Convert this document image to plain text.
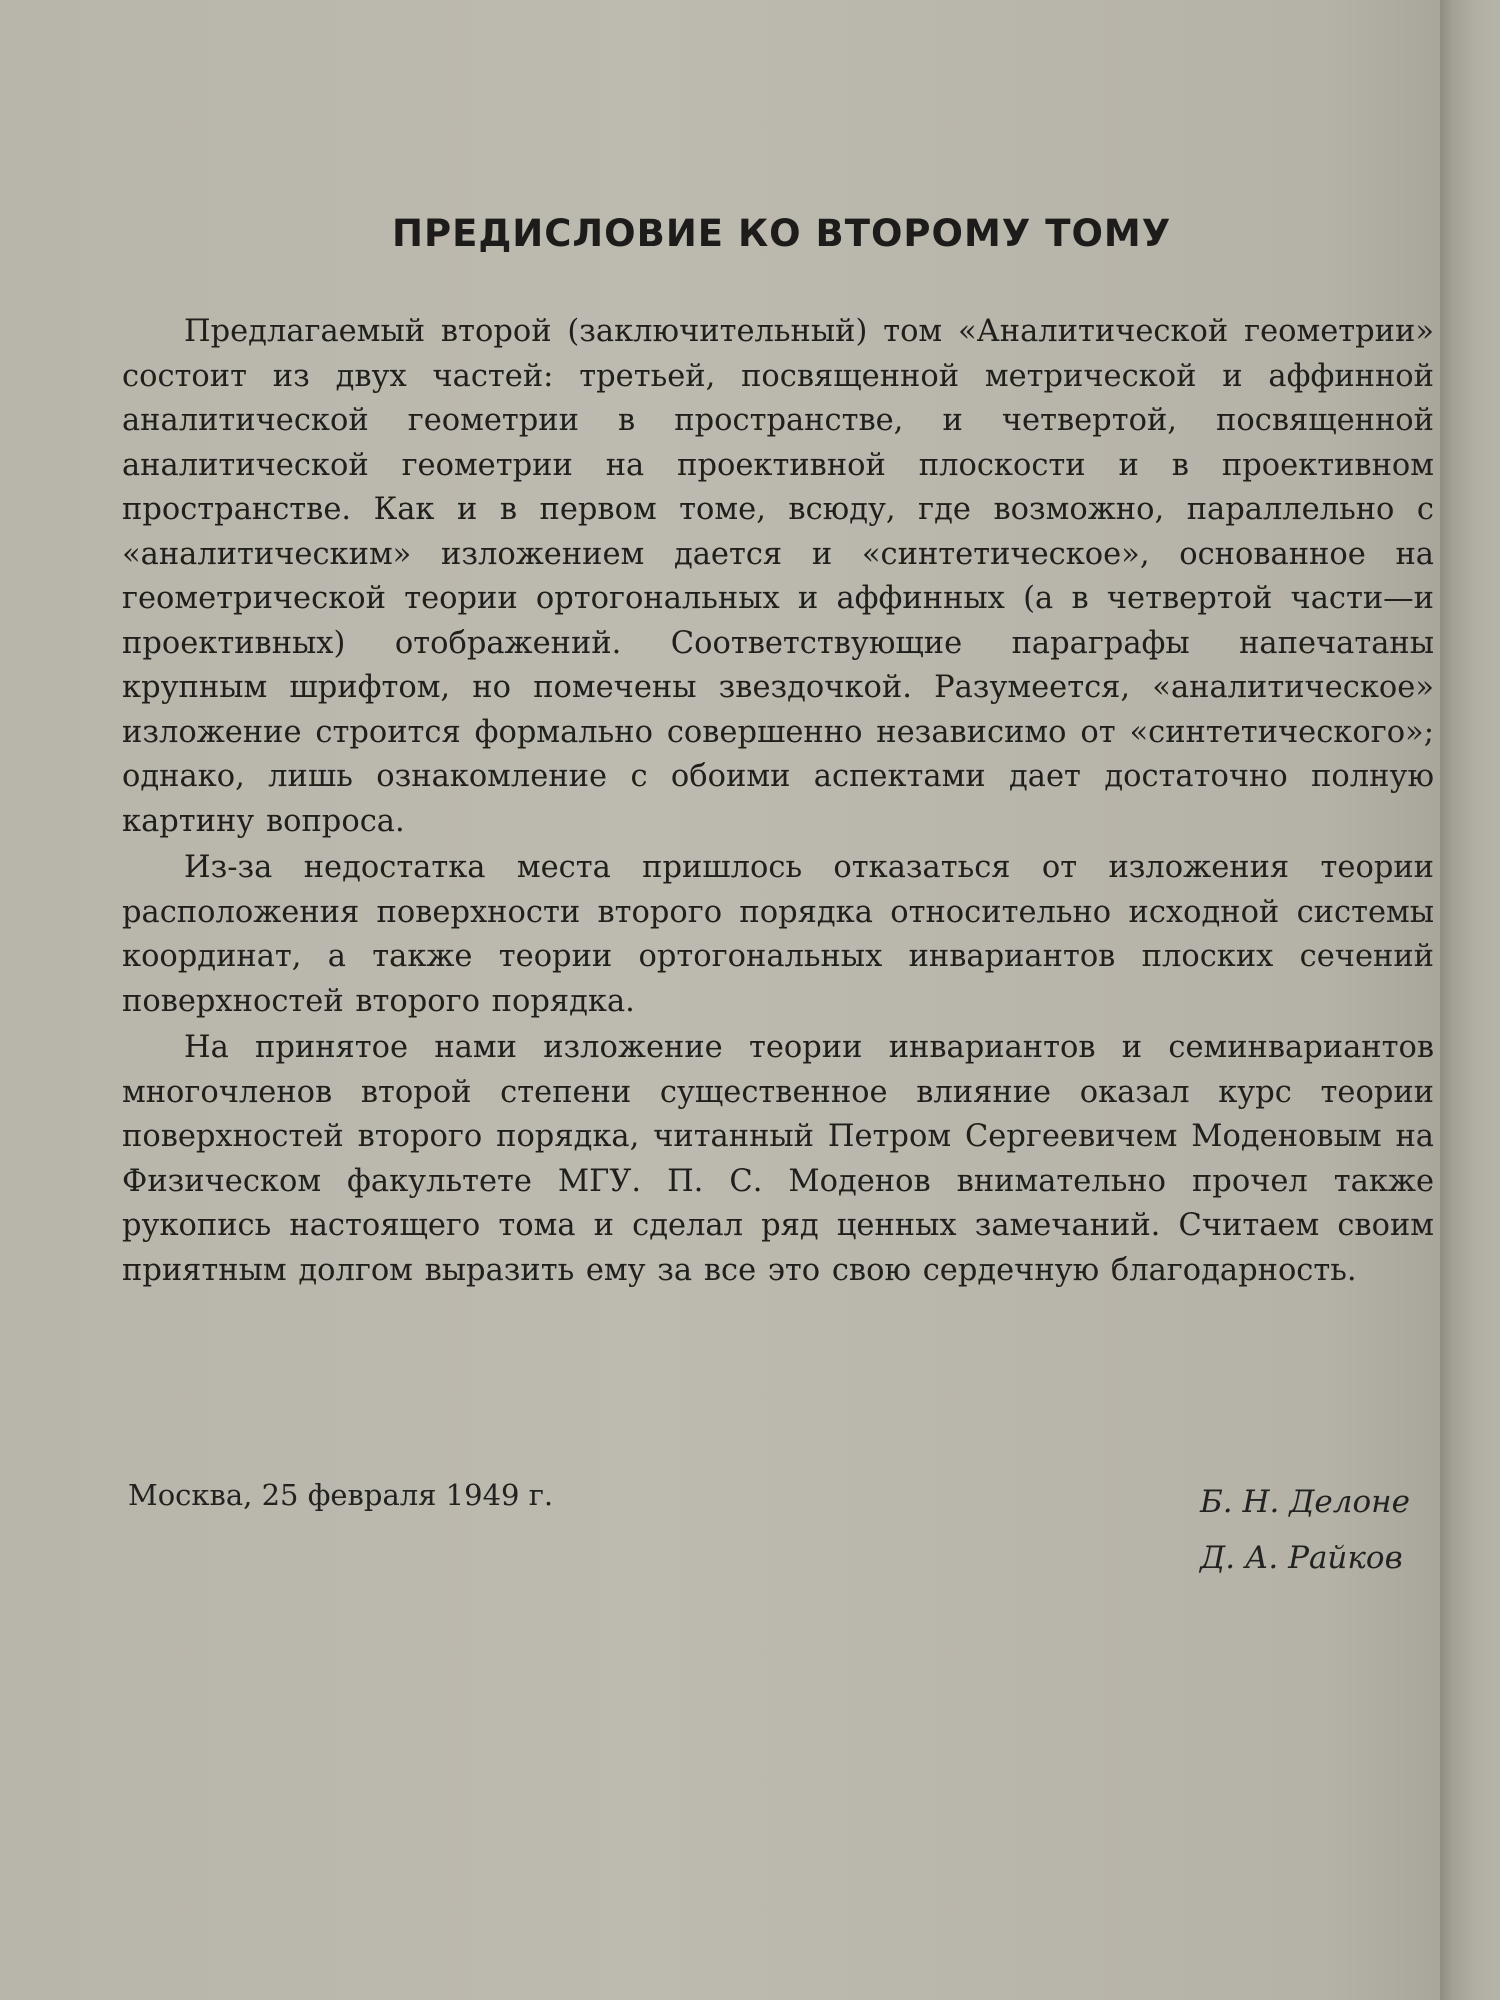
ПРЕДИСЛОВИЕ КО ВТОРОМУ ТОМУ

Предлагаемый второй (заключительный) том «Аналитической геометрии» состоит из двух частей: третьей, посвященной метрической и аффинной аналитической геометрии в пространстве, и четвертой, посвященной аналитической геометрии на проективной плоскости и в проективном пространстве. Как и в первом томе, всюду, где возможно, параллельно с «аналитическим» изложением дается и «синтетическое», основанное на геометрической теории ортогональных и аффинных (а в четвертой части—и проективных) отображений. Соответствующие параграфы напечатаны крупным шрифтом, но помечены звездочкой. Разумеется, «аналитическое» изложение строится формально совершенно независимо от «синтетического»; однако, лишь ознакомление с обоими аспектами дает достаточно полную картину вопроса.

Из-за недостатка места пришлось отказаться от изложения теории расположения поверхности второго порядка относительно исходной системы координат, а также теории ортогональных инвариантов плоских сечений поверхностей второго порядка.

На принятое нами изложение теории инвариантов и семинвариантов многочленов второй степени существенное влияние оказал курс теории поверхностей второго порядка, читанный Петром Сергеевичем Моденовым на Физическом факультете МГУ. П. С. Моденов внимательно прочел также рукопись настоящего тома и сделал ряд ценных замечаний. Считаем своим приятным долгом выразить ему за все это свою сердечную благодарность.

Москва, 25 февраля 1949 г.	Б. Н. Делоне
Д. А. Райков
